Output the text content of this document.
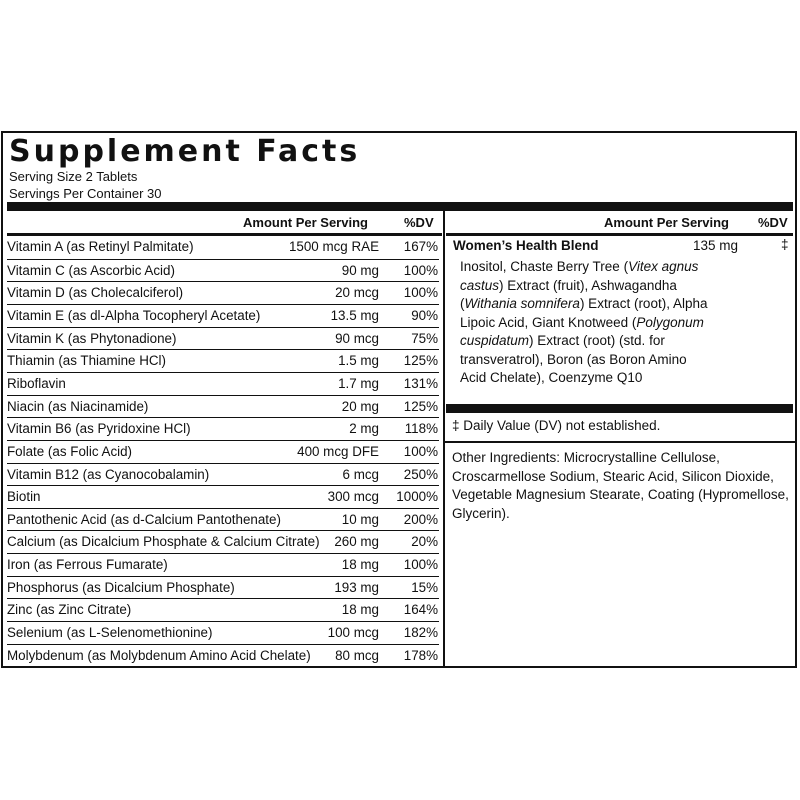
Supplement Facts
Serving Size 2 Tablets
Servings Per Container 30
Amount Per Serving	%DV	Amount Per Serving %DV
Vitamin A (as Retinyl Palmitate)	1500 mcg RAE 167%
Vitamin C (as Ascorbic Acid)	90 mg 100%
Vitamin D (as Cholecalciferol)	20 mcg 100%
Vitamin E (as dl-Alpha Tocopheryl Acetate)	13.5 mg 90%
Vitamin K (as Phytonadione)	90 mcg 75%
Thiamin (as Thiamine HCl)	1.5 mg 125%
Riboflavin	1.7 mg 131%
Niacin (as Niacinamide)	20 mg 125%
Vitamin B6 (as Pyridoxine HCl)	2 mg 118%
Folate (as Folic Acid)	400 mcg DFE 100%
Vitamin B12 (as Cyanocobalamin)	6 mcg 250%
Biotin	300 mcg 1000%
Pantothenic Acid (as d-Calcium Pantothenate)	10 mg 200%
Calcium (as Dicalcium Phosphate & Calcium Citrate) 260 mg 20%
Iron (as Ferrous Fumarate)	18 mg 100%
Phosphorus (as Dicalcium Phosphate)	193 mg 15%
Zinc (as Zinc Citrate)	18 mg 164%
Selenium (as L-Selenomethionine)	100 mcg 182%
Molybdenum (as Molybdenum Amino Acid Chelate) 80 mcg 178%
Women’s Health Blend	135 mg	‡
Inositol, Chaste Berry Tree (Vitex agnus castus) Extract (fruit), Ashwagandha (Withania somnifera) Extract (root), Alpha Lipoic Acid, Giant Knotweed (Polygonum cuspidatum) Extract (root) (std. for transveratrol), Boron (as Boron Amino Acid Chelate), Coenzyme Q10
‡ Daily Value (DV) not established.
Other Ingredients: Microcrystalline Cellulose, Croscarmellose Sodium, Stearic Acid, Silicon Dioxide, Vegetable Magnesium Stearate, Coating (Hypromellose, Glycerin).
